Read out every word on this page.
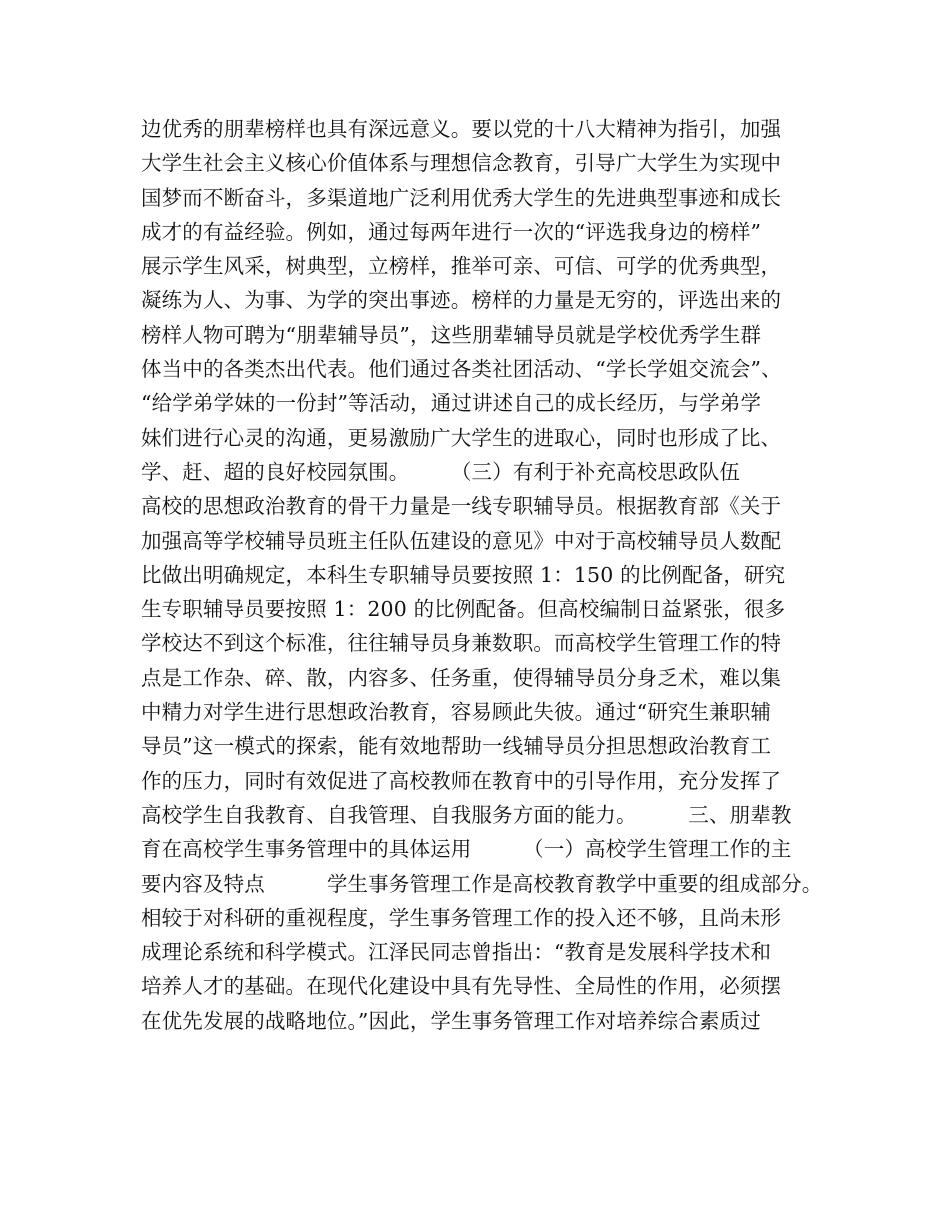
边优秀的朋辈榜样也具有深远意义。要以党的十八大精神为指引，加强
大学生社会主义核心价值体系与理想信念教育，引导广大学生为实现中
国梦而不断奋斗，多渠道地广泛利用优秀大学生的先进典型事迹和成长
成才的有益经验。例如，通过每两年进行一次的“评选我身边的榜样”
展示学生风采，树典型，立榜样，推举可亲、可信、可学的优秀典型，
凝练为人、为事、为学的突出事迹。榜样的力量是无穷的，评选出来的
榜样人物可聘为“朋辈辅导员”，这些朋辈辅导员就是学校优秀学生群
体当中的各类杰出代表。他们通过各类社团活动、“学长学姐交流会”、
“给学弟学妹的一份封”等活动，通过讲述自己的成长经历，与学弟学
妹们进行心灵的沟通，更易激励广大学生的进取心，同时也形成了比、
学、赶、超的良好校园氛围。　　　（三）有利于补充高校思政队伍
高校的思想政治教育的骨干力量是一线专职辅导员。根据教育部《关于
加强高等学校辅导员班主任队伍建设的意见》中对于高校辅导员人数配
比做出明确规定，本科生专职辅导员要按照 1：150 的比例配备，研究
生专职辅导员要按照 1：200 的比例配备。但高校编制日益紧张，很多
学校达不到这个标准，往往辅导员身兼数职。而高校学生管理工作的特
点是工作杂、碎、散，内容多、任务重，使得辅导员分身乏术，难以集
中精力对学生进行思想政治教育，容易顾此失彼。通过“研究生兼职辅
导员”这一模式的探索，能有效地帮助一线辅导员分担思想政治教育工
作的压力，同时有效促进了高校教师在教育中的引导作用，充分发挥了
高校学生自我教育、自我管理、自我服务方面的能力。　　　三、朋辈教
育在高校学生事务管理中的具体运用　　　（一）高校学生管理工作的主
要内容及特点　　　学生事务管理工作是高校教育教学中重要的组成部分。
相较于对科研的重视程度，学生事务管理工作的投入还不够，且尚未形
成理论系统和科学模式。江泽民同志曾指出：“教育是发展科学技术和
培养人才的基础。在现代化建设中具有先导性、全局性的作用，必须摆
在优先发展的战略地位。”因此，学生事务管理工作对培养综合素质过
